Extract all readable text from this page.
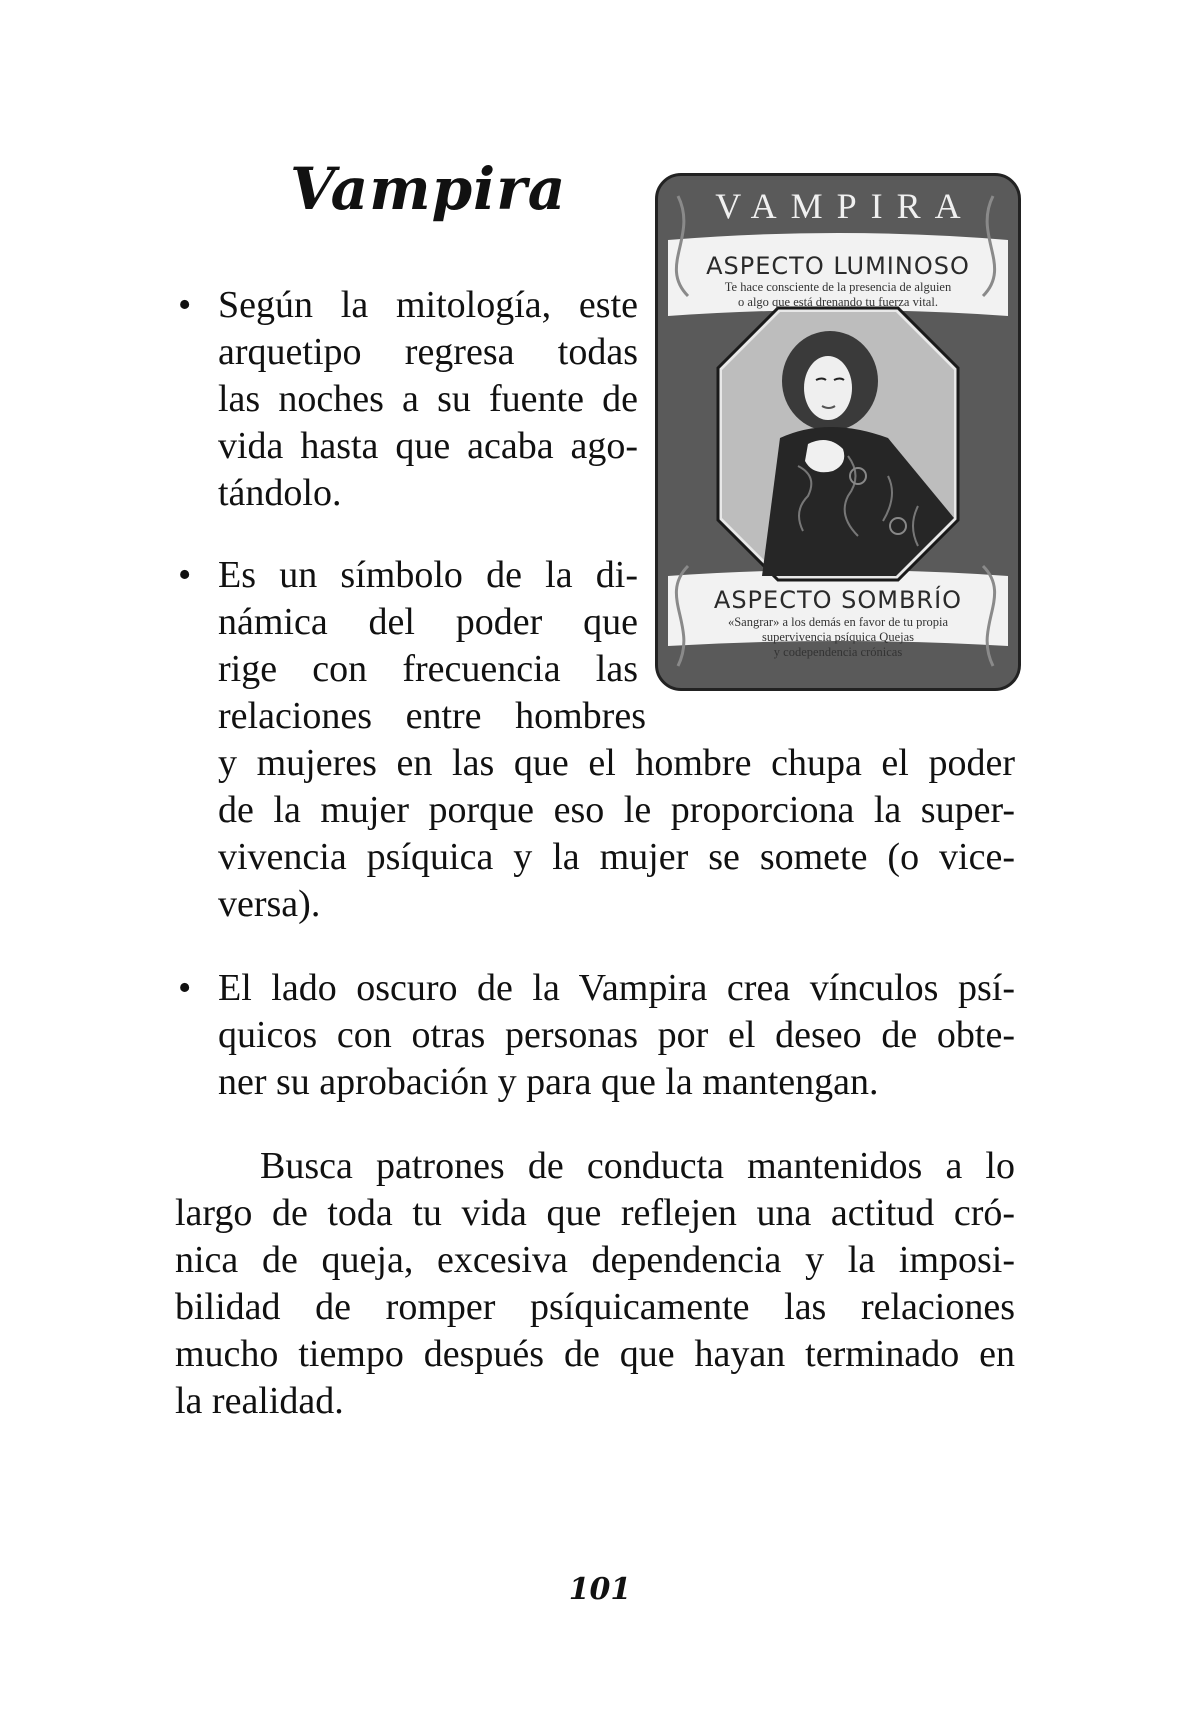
Vampira	VAMPIRA
ASPECTO LUMINOSO
Te hace consciente de la presencia de alguien
o algo que está drenando tu fuerza vital.
ASPECTO SOMBRÍO
«Sangrar» a los demás en favor de tu propia
supervivencia psíquica Quejas
y codependencia crónicas
• Según la mitología, este
arquetipo regresa todas
las noches a su fuente de
vida hasta que acaba ago-
tándolo.
• Es un símbolo de la di-
námica del poder que
rige con frecuencia las
relaciones entre hombres
y mujeres en las que el hombre chupa el poder
de la mujer porque eso le proporciona la super-
vivencia psíquica y la mujer se somete (o vice-
versa).
• El lado oscuro de la Vampira crea vínculos psí-
quicos con otras personas por el deseo de obte-
ner su aprobación y para que la mantengan.
Busca patrones de conducta mantenidos a lo
largo de toda tu vida que reflejen una actitud cró-
nica de queja, excesiva dependencia y la imposi-
bilidad de romper psíquicamente las relaciones
mucho tiempo después de que hayan terminado en
la realidad.
101
